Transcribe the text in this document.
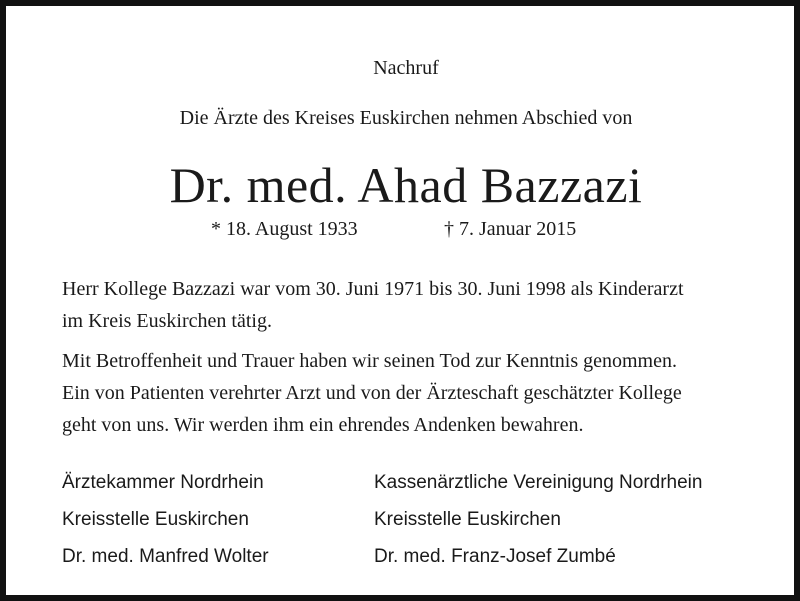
Nachruf
Die Ärzte des Kreises Euskirchen nehmen Abschied von
Dr. med. Ahad Bazzazi
* 18. August 1933	† 7. Januar 2015
Herr Kollege Bazzazi war vom 30. Juni 1971 bis 30. Juni 1998 als Kinderarzt
im Kreis Euskirchen tätig.
Mit Betroffenheit und Trauer haben wir seinen Tod zur Kenntnis genommen.
Ein von Patienten verehrter Arzt und von der Ärzteschaft geschätzter Kollege
geht von uns. Wir werden ihm ein ehrendes Andenken bewahren.
Ärztekammer Nordrhein
Kreisstelle Euskirchen
Dr. med. Manfred Wolter
Kassenärztliche Vereinigung Nordrhein
Kreisstelle Euskirchen
Dr. med. Franz-Josef Zumbé
